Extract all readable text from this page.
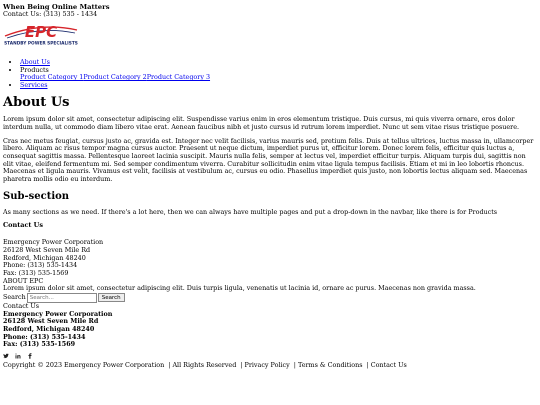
When Being Online Matters
Contact Us: (313) 535 - 1434
EPC
STANDBY POWER SPECIALISTS
• About Us
• Products
Product Category 1Product Category 2Product Category 3
• Services
About Us

Lorem ipsum dolor sit amet, consectetur adipiscing elit. Suspendisse varius enim in eros elementum tristique. Duis cursus, mi quis viverra ornare, eros dolor interdum nulla, ut commodo diam libero vitae erat. Aenean faucibus nibh et justo cursus id rutrum lorem imperdiet. Nunc ut sem vitae risus tristique posuere.

Cras nec metus feugiat, cursus justo ac, gravida est. Integer nec velit facilisis, varius mauris sed, pretium felis. Duis at tellus ultrices, luctus massa in, ullamcorper libero. Aliquam ac risus tempor magna cursus auctor. Praesent ut neque dictum, imperdiet purus ut, efficitur lorem. Donec lorem felis, efficitur quis luctus a, consequat sagittis massa. Pellentesque laoreet lacinia suscipit. Mauris nulla felis, semper at lectus vel, imperdiet efficitur turpis. Aliquam turpis dui, sagittis non elit vitae, eleifend fermentum mi. Sed semper condimentum viverra. Curabitur sollicitudin enim vitae ligula tempus facilisis. Etiam et mi in leo lobortis rhoncus. Maecenas et ligula mauris. Vivamus est velit, facilisis at vestibulum ac, cursus eu odio. Phasellus imperdiet quis justo, non lobortis lectus aliquam sed. Maecenas pharetra mollis odio eu interdum.

Sub-section

As many sections as we need. If there's a lot here, then we can always have multiple pages and put a drop-down in the navbar, like there is for Products

Contact Us
Emergency Power Corporation
26128 West Seven Mile Rd
Redford, Michigan 48240
Phone: (313) 535-1434
Fax: (313) 535-1569
ABOUT EPC
Lorem ipsum dolor sit amet, consectetur adipiscing elit. Duis turpis ligula, venenatis ut lacinia id, ornare ac purus. Maecenas non gravida massa.
Search
Search...	Search
Contact Us
Emergency Power Corporation
26128 West Seven Mile Rd
Redford, Michigan 48240
Phone: (313) 535-1434
Fax: (313) 535-1569
Copyright © 2023 Emergency Power Corporation | All Rights Reserved | Privacy Policy | Terms & Conditions | Contact Us
